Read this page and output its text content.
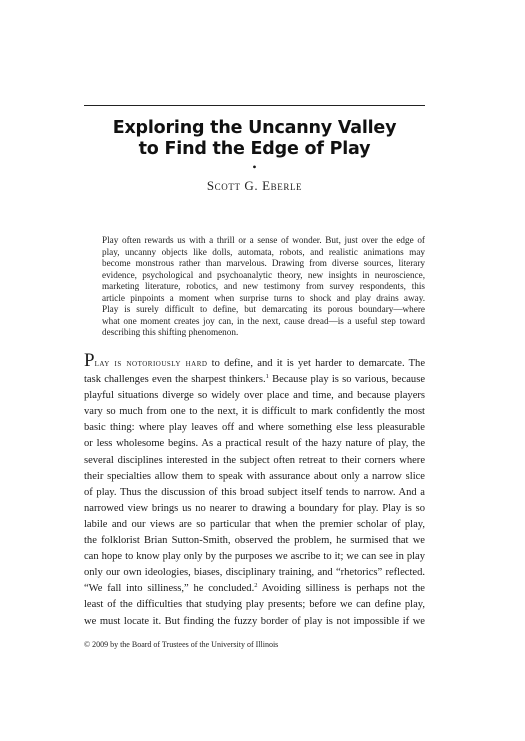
Exploring the Uncanny Valley
to Find the Edge of Play
•
Scott G. Eberle
Play often rewards us with a thrill or a sense of wonder. But, just over the edge of
play, uncanny objects like dolls, automata, robots, and realistic animations may
become monstrous rather than marvelous. Drawing from diverse sources, literary
evidence, psychological and psychoanalytic theory, new insights in neuroscience,
marketing literature, robotics, and new testimony from survey respondents, this
article pinpoints a moment when surprise turns to shock and play drains away.
Play is surely difficult to define, but demarcating its porous boundary—where
what one moment creates joy can, in the next, cause dread—is a useful step toward
describing this shifting phenomenon.
Play is notoriously hard to define, and it is yet harder to demarcate. The
task challenges even the sharpest thinkers.$^1$ Because play is so various, because
playful situations diverge so widely over place and time, and because players
vary so much from one to the next, it is difficult to mark confidently the most
basic thing: where play leaves off and where something else less pleasurable
or less wholesome begins. As a practical result of the hazy nature of play, the
several disciplines interested in the subject often retreat to their corners where
their specialties allow them to speak with assurance about only a narrow slice
of play. Thus the discussion of this broad subject itself tends to narrow. And a
narrowed view brings us no nearer to drawing a boundary for play. Play is so
labile and our views are so particular that when the premier scholar of play,
the folklorist Brian Sutton-Smith, observed the problem, he surmised that we
can hope to know play only by the purposes we ascribe to it; we can see in play
only our own ideologies, biases, disciplinary training, and “rhetorics” reflected.
“We fall into silliness,” he concluded.$^2$ Avoiding silliness is perhaps not the
least of the difficulties that studying play presents; before we can define play,
we must locate it. But finding the fuzzy border of play is not impossible if we
© 2009 by the Board of Trustees of the University of Illinois
